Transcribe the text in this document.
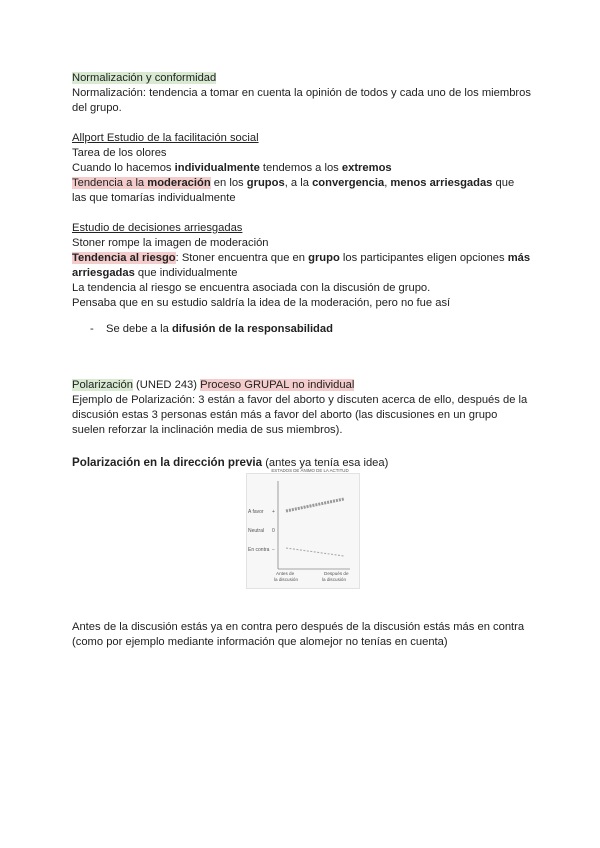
Normalización y conformidad
Normalización: tendencia a tomar en cuenta la opinión de todos y cada uno de los miembros
del grupo.
Allport Estudio de la facilitación social
Tarea de los olores
Cuando lo hacemos individualmente tendemos a los extremos
Tendencia a la moderación en los grupos, a la convergencia, menos arriesgadas que
las que tomarías individualmente
Estudio de decisiones arriesgadas
Stoner rompe la imagen de moderación
Tendencia al riesgo: Stoner encuentra que en grupo los participantes eligen opciones más
arriesgadas que individualmente
La tendencia al riesgo se encuentra asociada con la discusión de grupo.
Pensaba que en su estudio saldría la idea de la moderación, pero no fue así
- Se debe a la difusión de la responsabilidad
Polarización (UNED 243) Proceso GRUPAL no individual
Ejemplo de Polarización: 3 están a favor del aborto y discuten acerca de ello, después de la
discusión estas 3 personas están más a favor del aborto (las discusiones en un grupo
suelen reforzar la inclinación media de sus miembros).
Polarización en la dirección previa (antes ya tenía esa idea)
Antes de la discusión estás ya en contra pero después de la discusión estás más en contra
(como por ejemplo mediante información que alomejor no tenías en cuenta)
ESTADOS DE ÁNIMO DE LA ACTITUD
A favor +
Neutral 0
En contra −
Antes de
la discusión
Después de
la discusión
